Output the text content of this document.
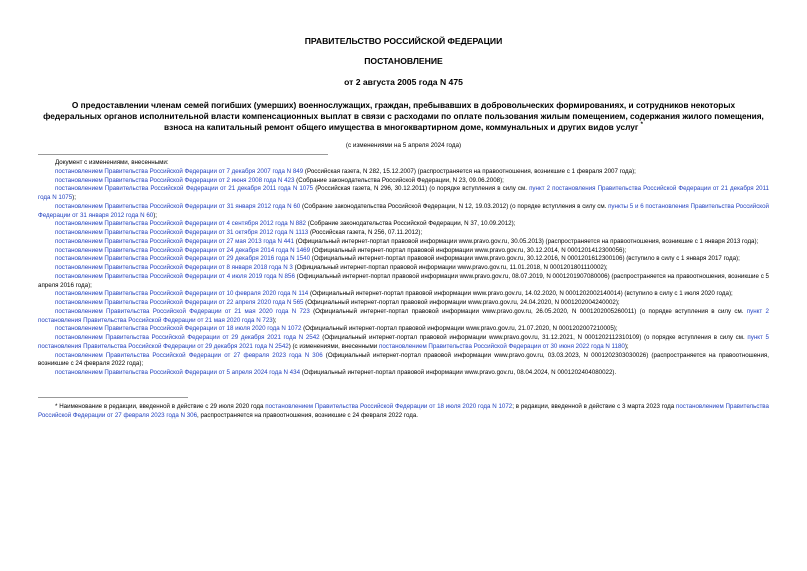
ПРАВИТЕЛЬСТВО РОССИЙСКОЙ ФЕДЕРАЦИИ
ПОСТАНОВЛЕНИЕ
от 2 августа 2005 года N 475
О предоставлении членам семей погибших (умерших) военнослужащих, граждан, пребывавших в добровольческих формированиях, и сотрудников некоторых федеральных органов исполнительной власти компенсационных выплат в связи с расходами по оплате пользования жилым помещением, содержания жилого помещения, взноса на капитальный ремонт общего имущества в многоквартирном доме, коммунальных и других видов услуг *
(с изменениями на 5 апреля 2024 года)

Документ с изменениями, внесенными:

постановлением Правительства Российской Федерации от 7 декабря 2007 года N 849 (Российская газета, N 282, 15.12.2007) (распространяется на правоотношения, возникшие с 1 февраля 2007 года);

постановлением Правительства Российской Федерации от 2 июня 2008 года N 423 (Собрание законодательства Российской Федерации, N 23, 09.06.2008);

постановлением Правительства Российской Федерации от 21 декабря 2011 года N 1075 (Российская газета, N 296, 30.12.2011) (о порядке вступления в силу см. пункт 2 постановления Правительства Российской Федерации от 21 декабря 2011 года N 1075);

постановлением Правительства Российской Федерации от 31 января 2012 года N 60 (Собрание законодательства Российской Федерации, N 12, 19.03.2012) (о порядке вступления в силу см. пункты 5 и 6 постановления Правительства Российской Федерации от 31 января 2012 года N 60);

постановлением Правительства Российской Федерации от 4 сентября 2012 года N 882 (Собрание законодательства Российской Федерации, N 37, 10.09.2012);

постановлением Правительства Российской Федерации от 31 октября 2012 года N 1113 (Российская газета, N 256, 07.11.2012);

постановлением Правительства Российской Федерации от 27 мая 2013 года N 441 (Официальный интернет-портал правовой информации www.pravo.gov.ru, 30.05.2013) (распространяется на правоотношения, возникшие с 1 января 2013 года);

постановлением Правительства Российской Федерации от 24 декабря 2014 года N 1469 (Официальный интернет-портал правовой информации www.pravo.gov.ru, 30.12.2014, N 0001201412300056);

постановлением Правительства Российской Федерации от 29 декабря 2016 года N 1540 (Официальный интернет-портал правовой информации www.pravo.gov.ru, 30.12.2016, N 0001201612300106) (вступило в силу с 1 января 2017 года);

постановлением Правительства Российской Федерации от 8 января 2018 года N 3 (Официальный интернет-портал правовой информации www.pravo.gov.ru, 11.01.2018, N 0001201801110002);

постановлением Правительства Российской Федерации от 4 июля 2019 года N 856 (Официальный интернет-портал правовой информации www.pravo.gov.ru, 08.07.2019, N 0001201907080006) (распространяется на правоотношения, возникшие с 5 апреля 2016 года);

постановлением Правительства Российской Федерации от 10 февраля 2020 года N 114 (Официальный интернет-портал правовой информации www.pravo.gov.ru, 14.02.2020, N 0001202002140014) (вступило в силу с 1 июля 2020 года);

постановлением Правительства Российской Федерации от 22 апреля 2020 года N 565 (Официальный интернет-портал правовой информации www.pravo.gov.ru, 24.04.2020, N 0001202004240002);

постановлением Правительства Российской Федерации от 21 мая 2020 года N 723 (Официальный интернет-портал правовой информации www.pravo.gov.ru, 26.05.2020, N 0001202005260011) (о порядке вступления в силу см. пункт 2 постановления Правительства Российской Федерации от 21 мая 2020 года N 723);

постановлением Правительства Российской Федерации от 18 июля 2020 года N 1072 (Официальный интернет-портал правовой информации www.pravo.gov.ru, 21.07.2020, N 0001202007210005);

постановлением Правительства Российской Федерации от 29 декабря 2021 года N 2542 (Официальный интернет-портал правовой информации www.pravo.gov.ru, 31.12.2021, N 0001202112310109) (о порядке вступления в силу см. пункт 5 постановления Правительства Российской Федерации от 29 декабря 2021 года N 2542) (с изменениями, внесенными постановлением Правительства Российской Федерации от 30 июня 2022 года N 1180);

постановлением Правительства Российской Федерации от 27 февраля 2023 года N 306 (Официальный интернет-портал правовой информации www.pravo.gov.ru, 03.03.2023, N 0001202303030026) (распространяется на правоотношения, возникшие с 24 февраля 2022 года);

постановлением Правительства Российской Федерации от 5 апреля 2024 года N 434 (Официальный интернет-портал правовой информации www.pravo.gov.ru, 08.04.2024, N 0001202404080022).

* Наименование в редакции, введенной в действие с 29 июля 2020 года постановлением Правительства Российской Федерации от 18 июля 2020 года N 1072; в редакции, введенной в действие с 3 марта 2023 года постановлением Правительства Российской Федерации от 27 февраля 2023 года N 306, распространяется на правоотношения, возникшие с 24 февраля 2022 года.
